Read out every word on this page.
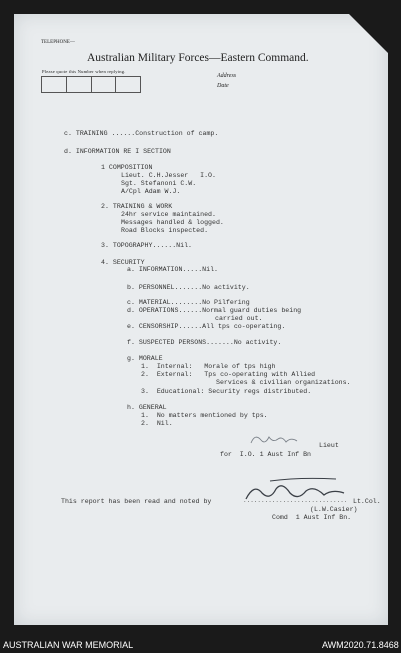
TELEPHONE—
Australian Military Forces—Eastern Command.
Please quote this Number when replying.
Address
Date
c. TRAINING ......Construction of camp.
d. INFORMATION RE I SECTION
1 COMPOSITION
Lieut. C.H.Jesser   I.O.
Sgt. Stefanoni C.W.
A/Cpl Adam W.J.
2. TRAINING & WORK
24hr service maintained.
Messages handled & logged.
Road Blocks inspected.
3. TOPOGRAPHY......Nil.
4. SECURITY
a. INFORMATION.....Nil.
b. PERSONNEL.......No activity.
c. MATERIAL........No Pilfering
d. OPERATIONS......Normal guard duties being
carried out.
e. CENSORSHIP......All tps co-operating.
f. SUSPECTED PERSONS.......No activity.
g. MORALE
1.  Internal:   Morale of tps high
2.  External:   Tps co-operating with Allied
Services & civilian organizations.
3.  Educational: Security regs distributed.
h. GENERAL
1.  No matters mentioned by tps.
2.  Nil.
Lieut
for  I.O. 1 Aust Inf Bn
This report has been read and noted by	............................. Lt.Col.
(L.W.Casier)
Comd  1 Aust Inf Bn.
AUSTRALIAN WAR MEMORIAL	AWM2020.71.8468
